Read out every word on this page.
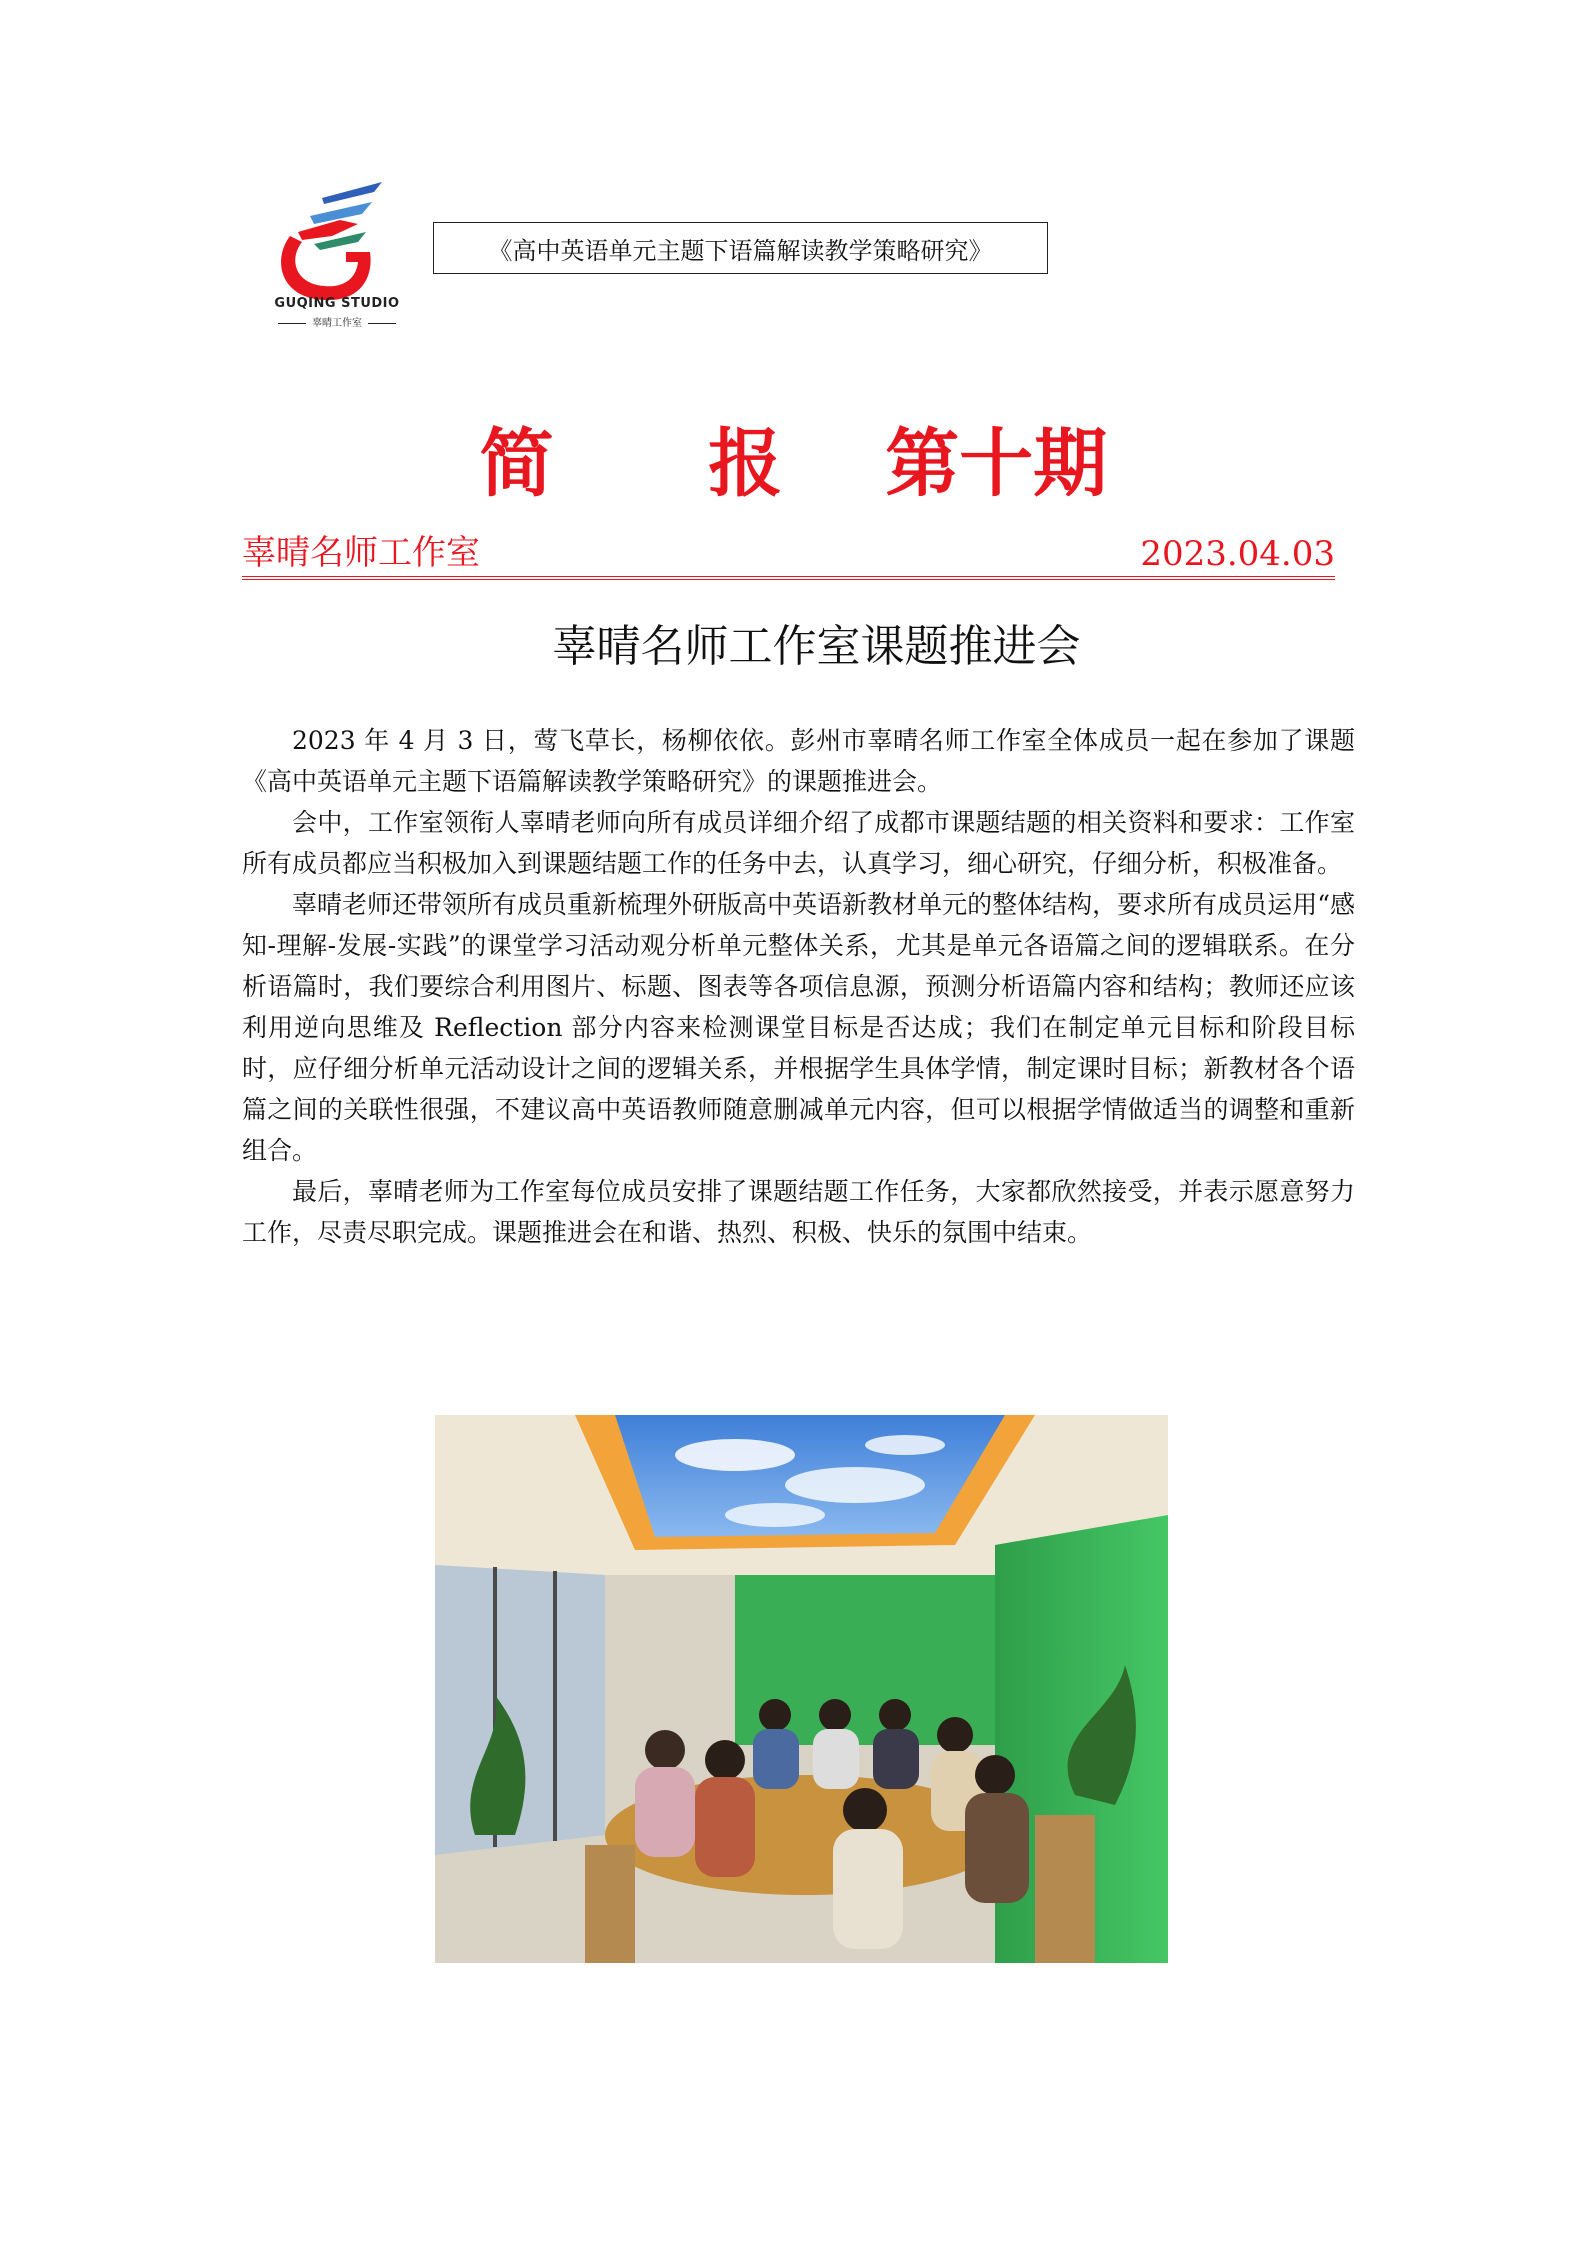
GUQING STUDIO
辜晴工作室
《高中英语单元主题下语篇解读教学策略研究》
简      报    第十期
辜晴名师工作室	2023.04.03
辜晴名师工作室课题推进会

2023 年 4 月 3 日，莺飞草长，杨柳依依。彭州市辜晴名师工作室全体成员一起在参加了课题《高中英语单元主题下语篇解读教学策略研究》的课题推进会。

会中，工作室领衔人辜晴老师向所有成员详细介绍了成都市课题结题的相关资料和要求：工作室所有成员都应当积极加入到课题结题工作的任务中去，认真学习，细心研究，仔细分析，积极准备。

辜晴老师还带领所有成员重新梳理外研版高中英语新教材单元的整体结构，要求所有成员运用“感知-理解-发展-实践”的课堂学习活动观分析单元整体关系，尤其是单元各语篇之间的逻辑联系。在分析语篇时，我们要综合利用图片、标题、图表等各项信息源，预测分析语篇内容和结构；教师还应该利用逆向思维及 Reflection 部分内容来检测课堂目标是否达成；我们在制定单元目标和阶段目标时，应仔细分析单元活动设计之间的逻辑关系，并根据学生具体学情，制定课时目标；新教材各个语篇之间的关联性很强，不建议高中英语教师随意删减单元内容，但可以根据学情做适当的调整和重新组合。

最后，辜晴老师为工作室每位成员安排了课题结题工作任务，大家都欣然接受，并表示愿意努力工作，尽责尽职完成。课题推进会在和谐、热烈、积极、快乐的氛围中结束。
